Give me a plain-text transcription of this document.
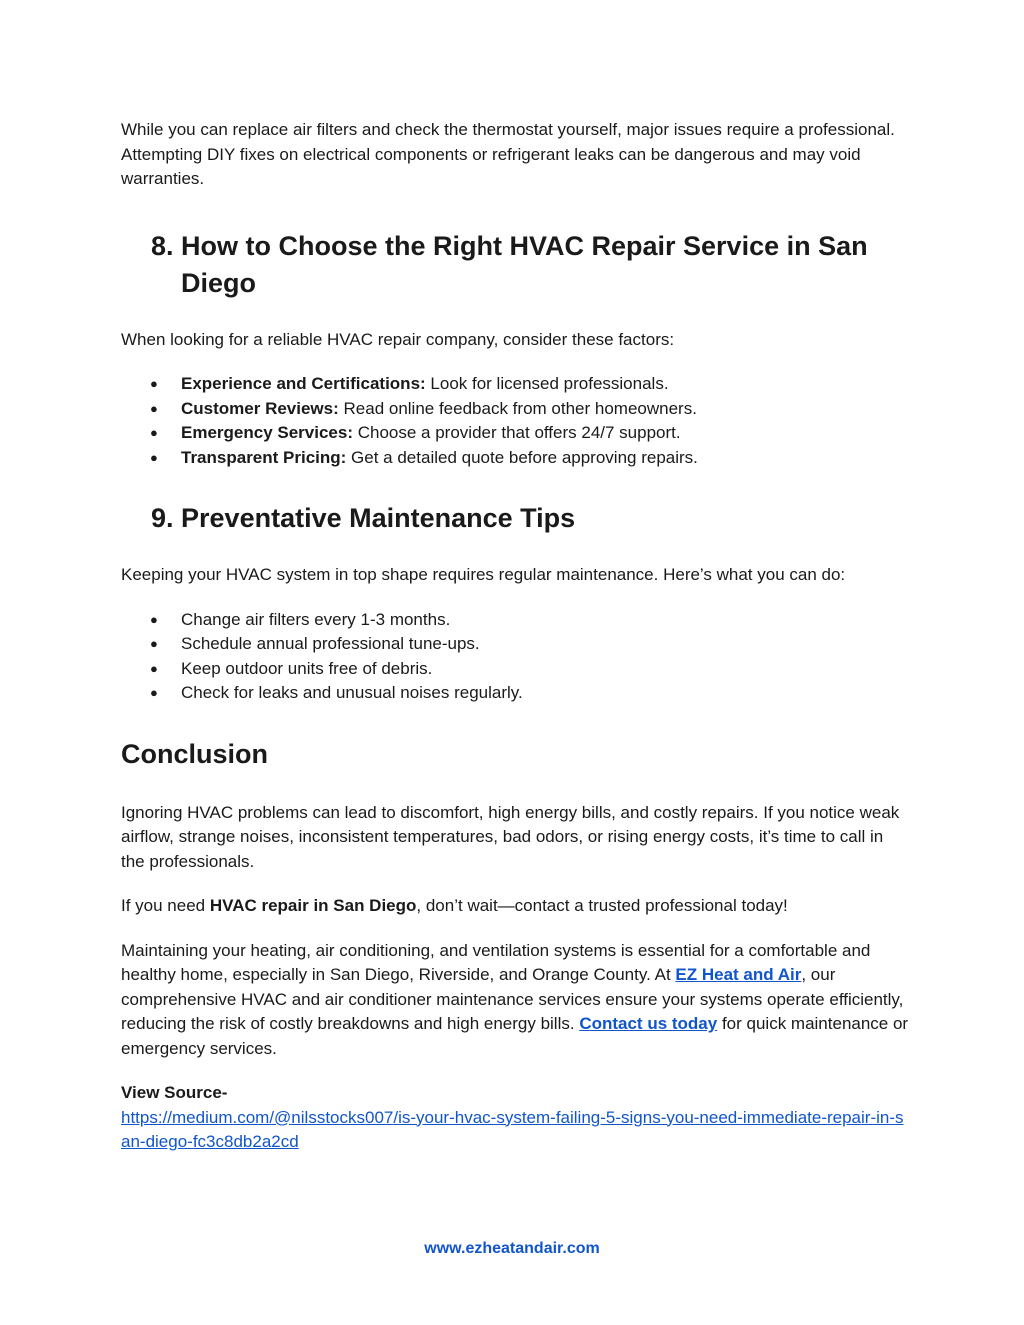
While you can replace air filters and check the thermostat yourself, major issues require a professional. Attempting DIY fixes on electrical components or refrigerant leaks can be dangerous and may void warranties.

8. How to Choose the Right HVAC Repair Service in San Diego

When looking for a reliable HVAC repair company, consider these factors:

● Experience and Certifications: Look for licensed professionals.
● Customer Reviews: Read online feedback from other homeowners.
● Emergency Services: Choose a provider that offers 24/7 support.
● Transparent Pricing: Get a detailed quote before approving repairs.
9. Preventative Maintenance Tips

Keeping your HVAC system in top shape requires regular maintenance. Here’s what you can do:

● Change air filters every 1-3 months.
● Schedule annual professional tune-ups.
● Keep outdoor units free of debris.
● Check for leaks and unusual noises regularly.
Conclusion

Ignoring HVAC problems can lead to discomfort, high energy bills, and costly repairs. If you notice weak airflow, strange noises, inconsistent temperatures, bad odors, or rising energy costs, it’s time to call in the professionals.

If you need HVAC repair in San Diego, don’t wait—contact a trusted professional today!

Maintaining your heating, air conditioning, and ventilation systems is essential for a comfortable and healthy home, especially in San Diego, Riverside, and Orange County. At EZ Heat and Air, our comprehensive HVAC and air conditioner maintenance services ensure your systems operate efficiently, reducing the risk of costly breakdowns and high energy bills. Contact us today for quick maintenance or emergency services.

View Source-
https://medium.com/@nilsstocks007/is-your-hvac-system-failing-5-signs-you-need-immediate-repair-in-san-diego-fc3c8db2a2cd

www.ezheatandair.com
